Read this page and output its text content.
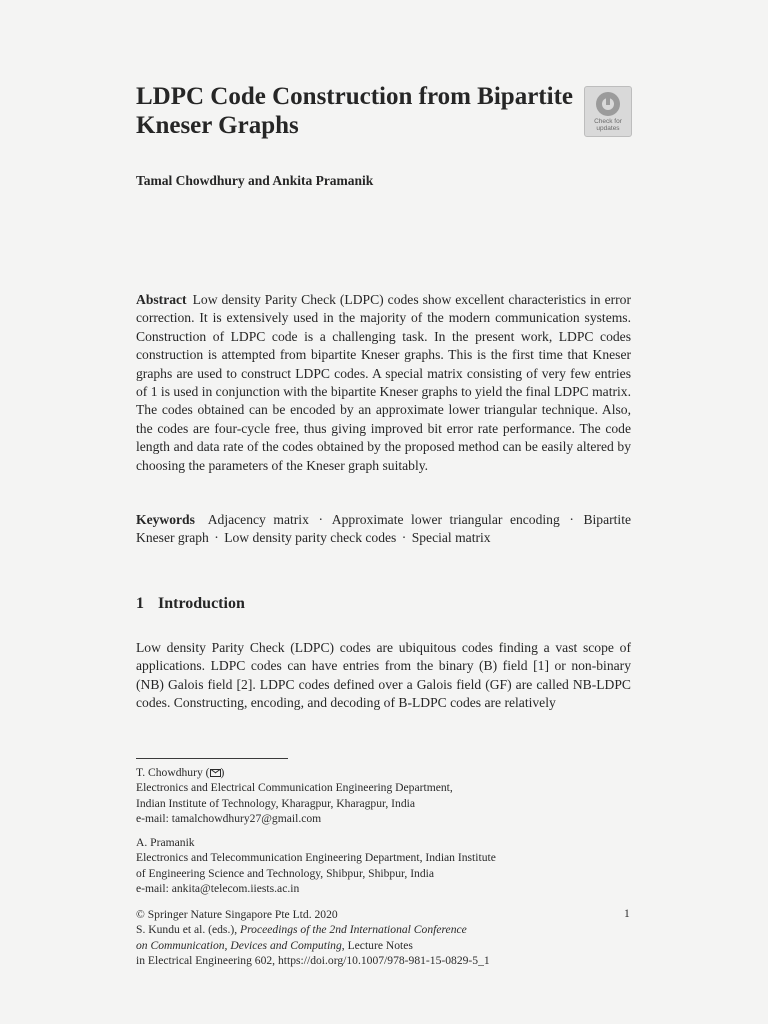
LDPC Code Construction from Bipartite
Kneser Graphs	Check for
updates
Tamal Chowdhury and Ankita Pramanik
Abstract Low density Parity Check (LDPC) codes show excellent characteristics in error correction. It is extensively used in the majority of the modern communication systems. Construction of LDPC code is a challenging task. In the present work, LDPC codes construction is attempted from bipartite Kneser graphs. This is the first time that Kneser graphs are used to construct LDPC codes. A special matrix consisting of very few entries of 1 is used in conjunction with the bipartite Kneser graphs to yield the final LDPC matrix. The codes obtained can be encoded by an approximate lower triangular technique. Also, the codes are four-cycle free, thus giving improved bit error rate performance. The code length and data rate of the codes obtained by the proposed method can be easily altered by choosing the parameters of the Kneser graph suitably.
Keywords Adjacency matrix · Approximate lower triangular encoding · Bipartite Kneser graph · Low density parity check codes · Special matrix
1 Introduction
Low density Parity Check (LDPC) codes are ubiquitous codes finding a vast scope of applications. LDPC codes can have entries from the binary (B) field [1] or non-binary (NB) Galois field [2]. LDPC codes defined over a Galois field (GF) are called NB-LDPC codes. Constructing, encoding, and decoding of B-LDPC codes are relatively
T. Chowdhury ( )
Electronics and Electrical Communication Engineering Department,
Indian Institute of Technology, Kharagpur, Kharagpur, India
e-mail: tamalchowdhury27@gmail.com
A. Pramanik
Electronics and Telecommunication Engineering Department, Indian Institute
of Engineering Science and Technology, Shibpur, Shibpur, India
e-mail: ankita@telecom.iiests.ac.in
© Springer Nature Singapore Pte Ltd. 2020
S. Kundu et al. (eds.), Proceedings of the 2nd International Conference
on Communication, Devices and Computing, Lecture Notes
in Electrical Engineering 602, https://doi.org/10.1007/978-981-15-0829-5_1
1
